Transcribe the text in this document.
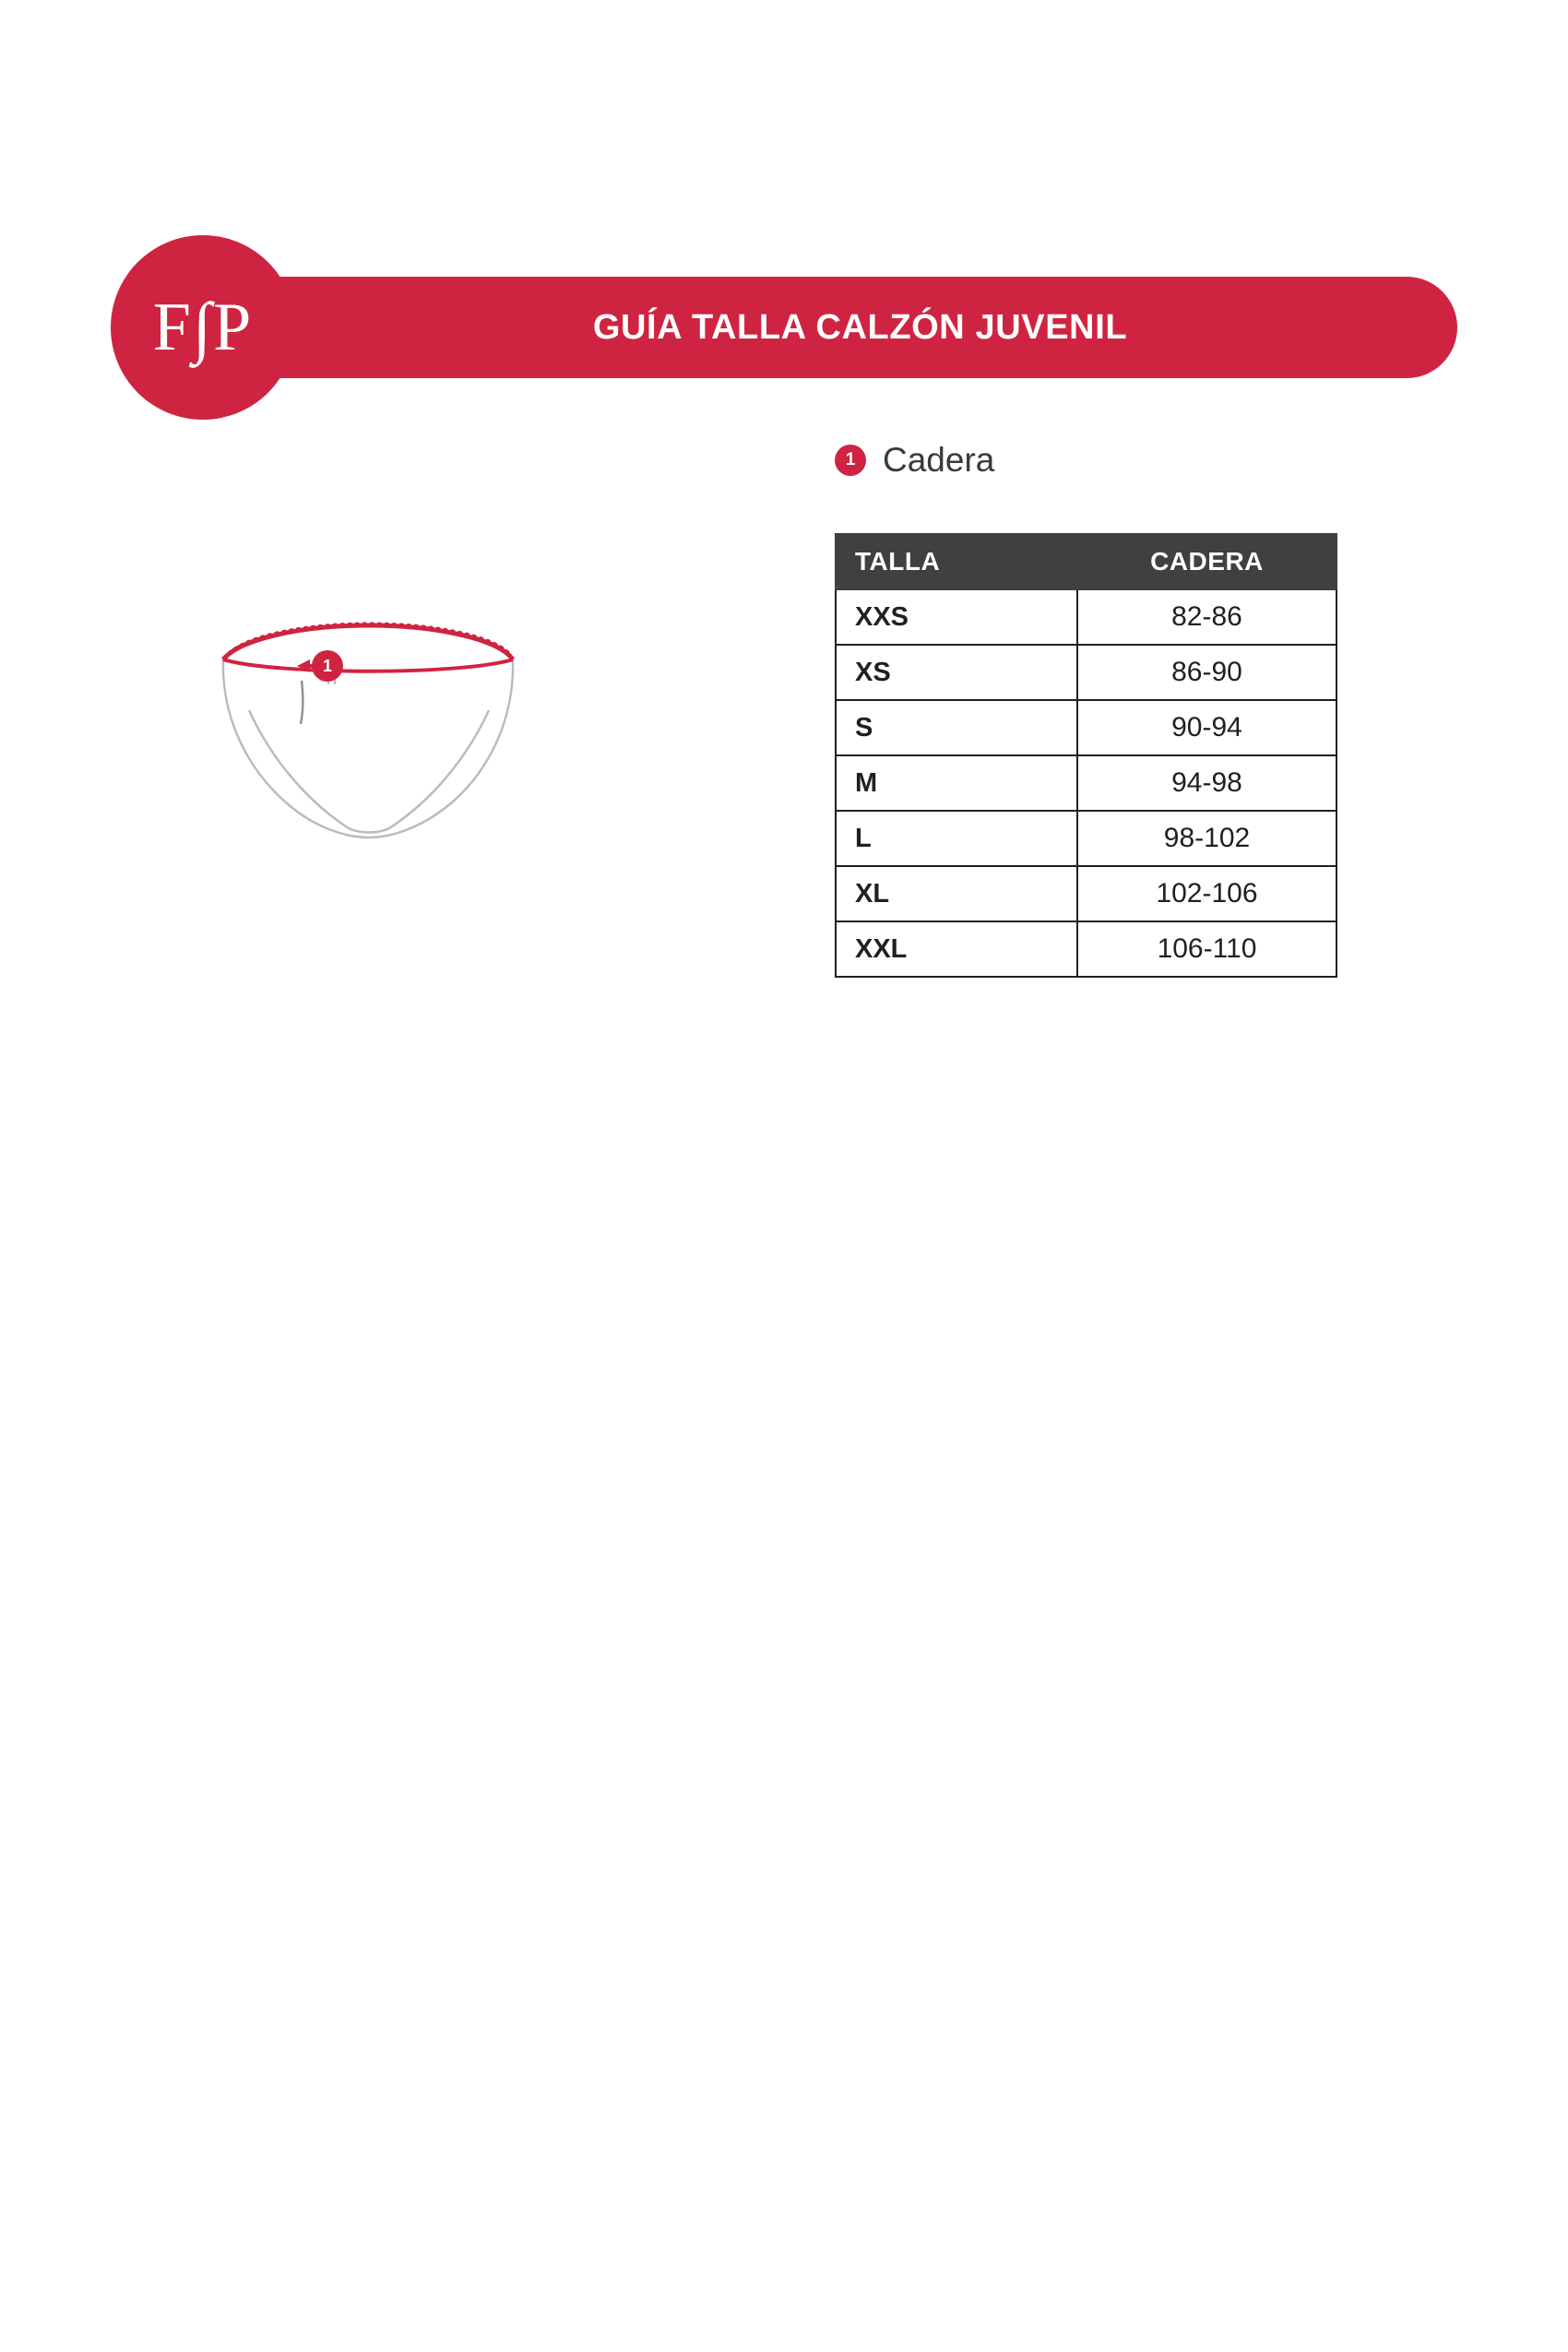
GUÍA TALLA CALZÓN JUVENIL
F∫P
1 Cadera
1
TALLA	CADERA
XXS	82-86
XS	86-90
S	90-94
M	94-98
L	98-102
XL	102-106
XXL	106-110
